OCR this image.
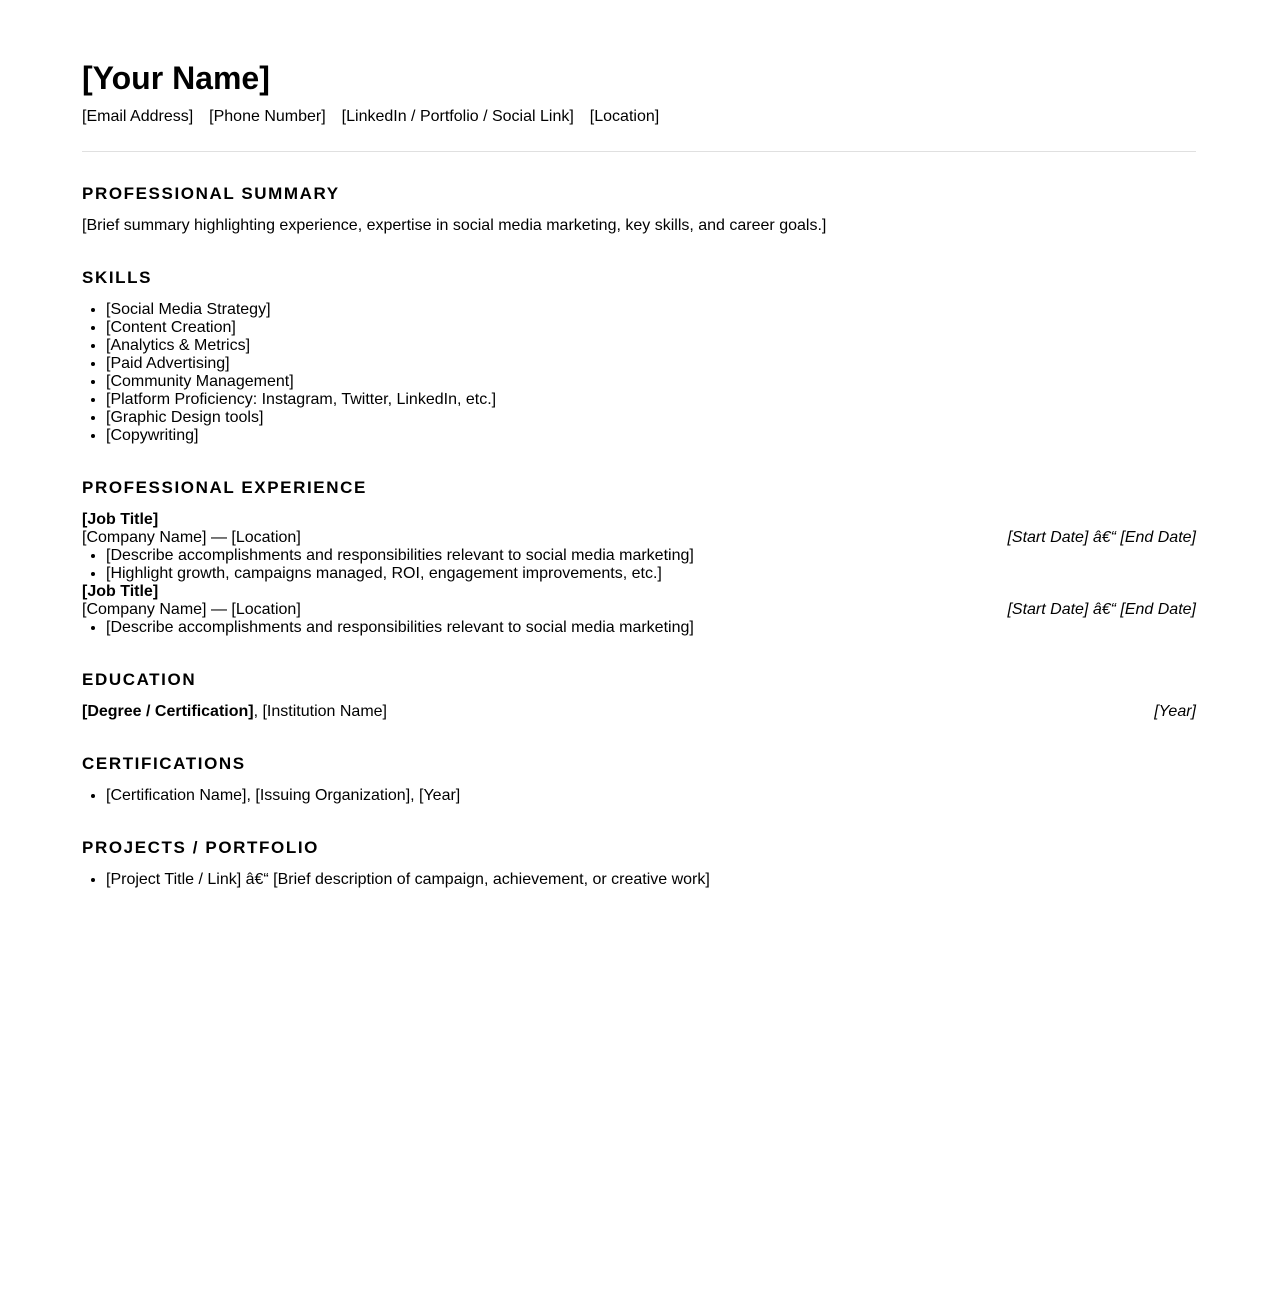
[Your Name]
[Email Address] [Phone Number] [LinkedIn / Portfolio / Social Link] [Location]
PROFESSIONAL SUMMARY

[Brief summary highlighting experience, expertise in social media marketing, key skills, and career goals.]

SKILLS
• [Social Media Strategy]
• [Content Creation]
• [Analytics & Metrics]
• [Paid Advertising]
• [Community Management]
• [Platform Proficiency: Instagram, Twitter, LinkedIn, etc.]
• [Graphic Design tools]
• [Copywriting]
PROFESSIONAL EXPERIENCE
[Job Title]
[Company Name] — [Location]	[Start Date] â€“ [End Date]
• [Describe accomplishments and responsibilities relevant to social media marketing]
• [Highlight growth, campaigns managed, ROI, engagement improvements, etc.]
[Job Title]
[Company Name] — [Location]	[Start Date] â€“ [End Date]
• [Describe accomplishments and responsibilities relevant to social media marketing]
EDUCATION
[Degree / Certification], [Institution Name]	[Year]
CERTIFICATIONS
• [Certification Name], [Issuing Organization], [Year]
PROJECTS / PORTFOLIO
• [Project Title / Link] â€“ [Brief description of campaign, achievement, or creative work]
